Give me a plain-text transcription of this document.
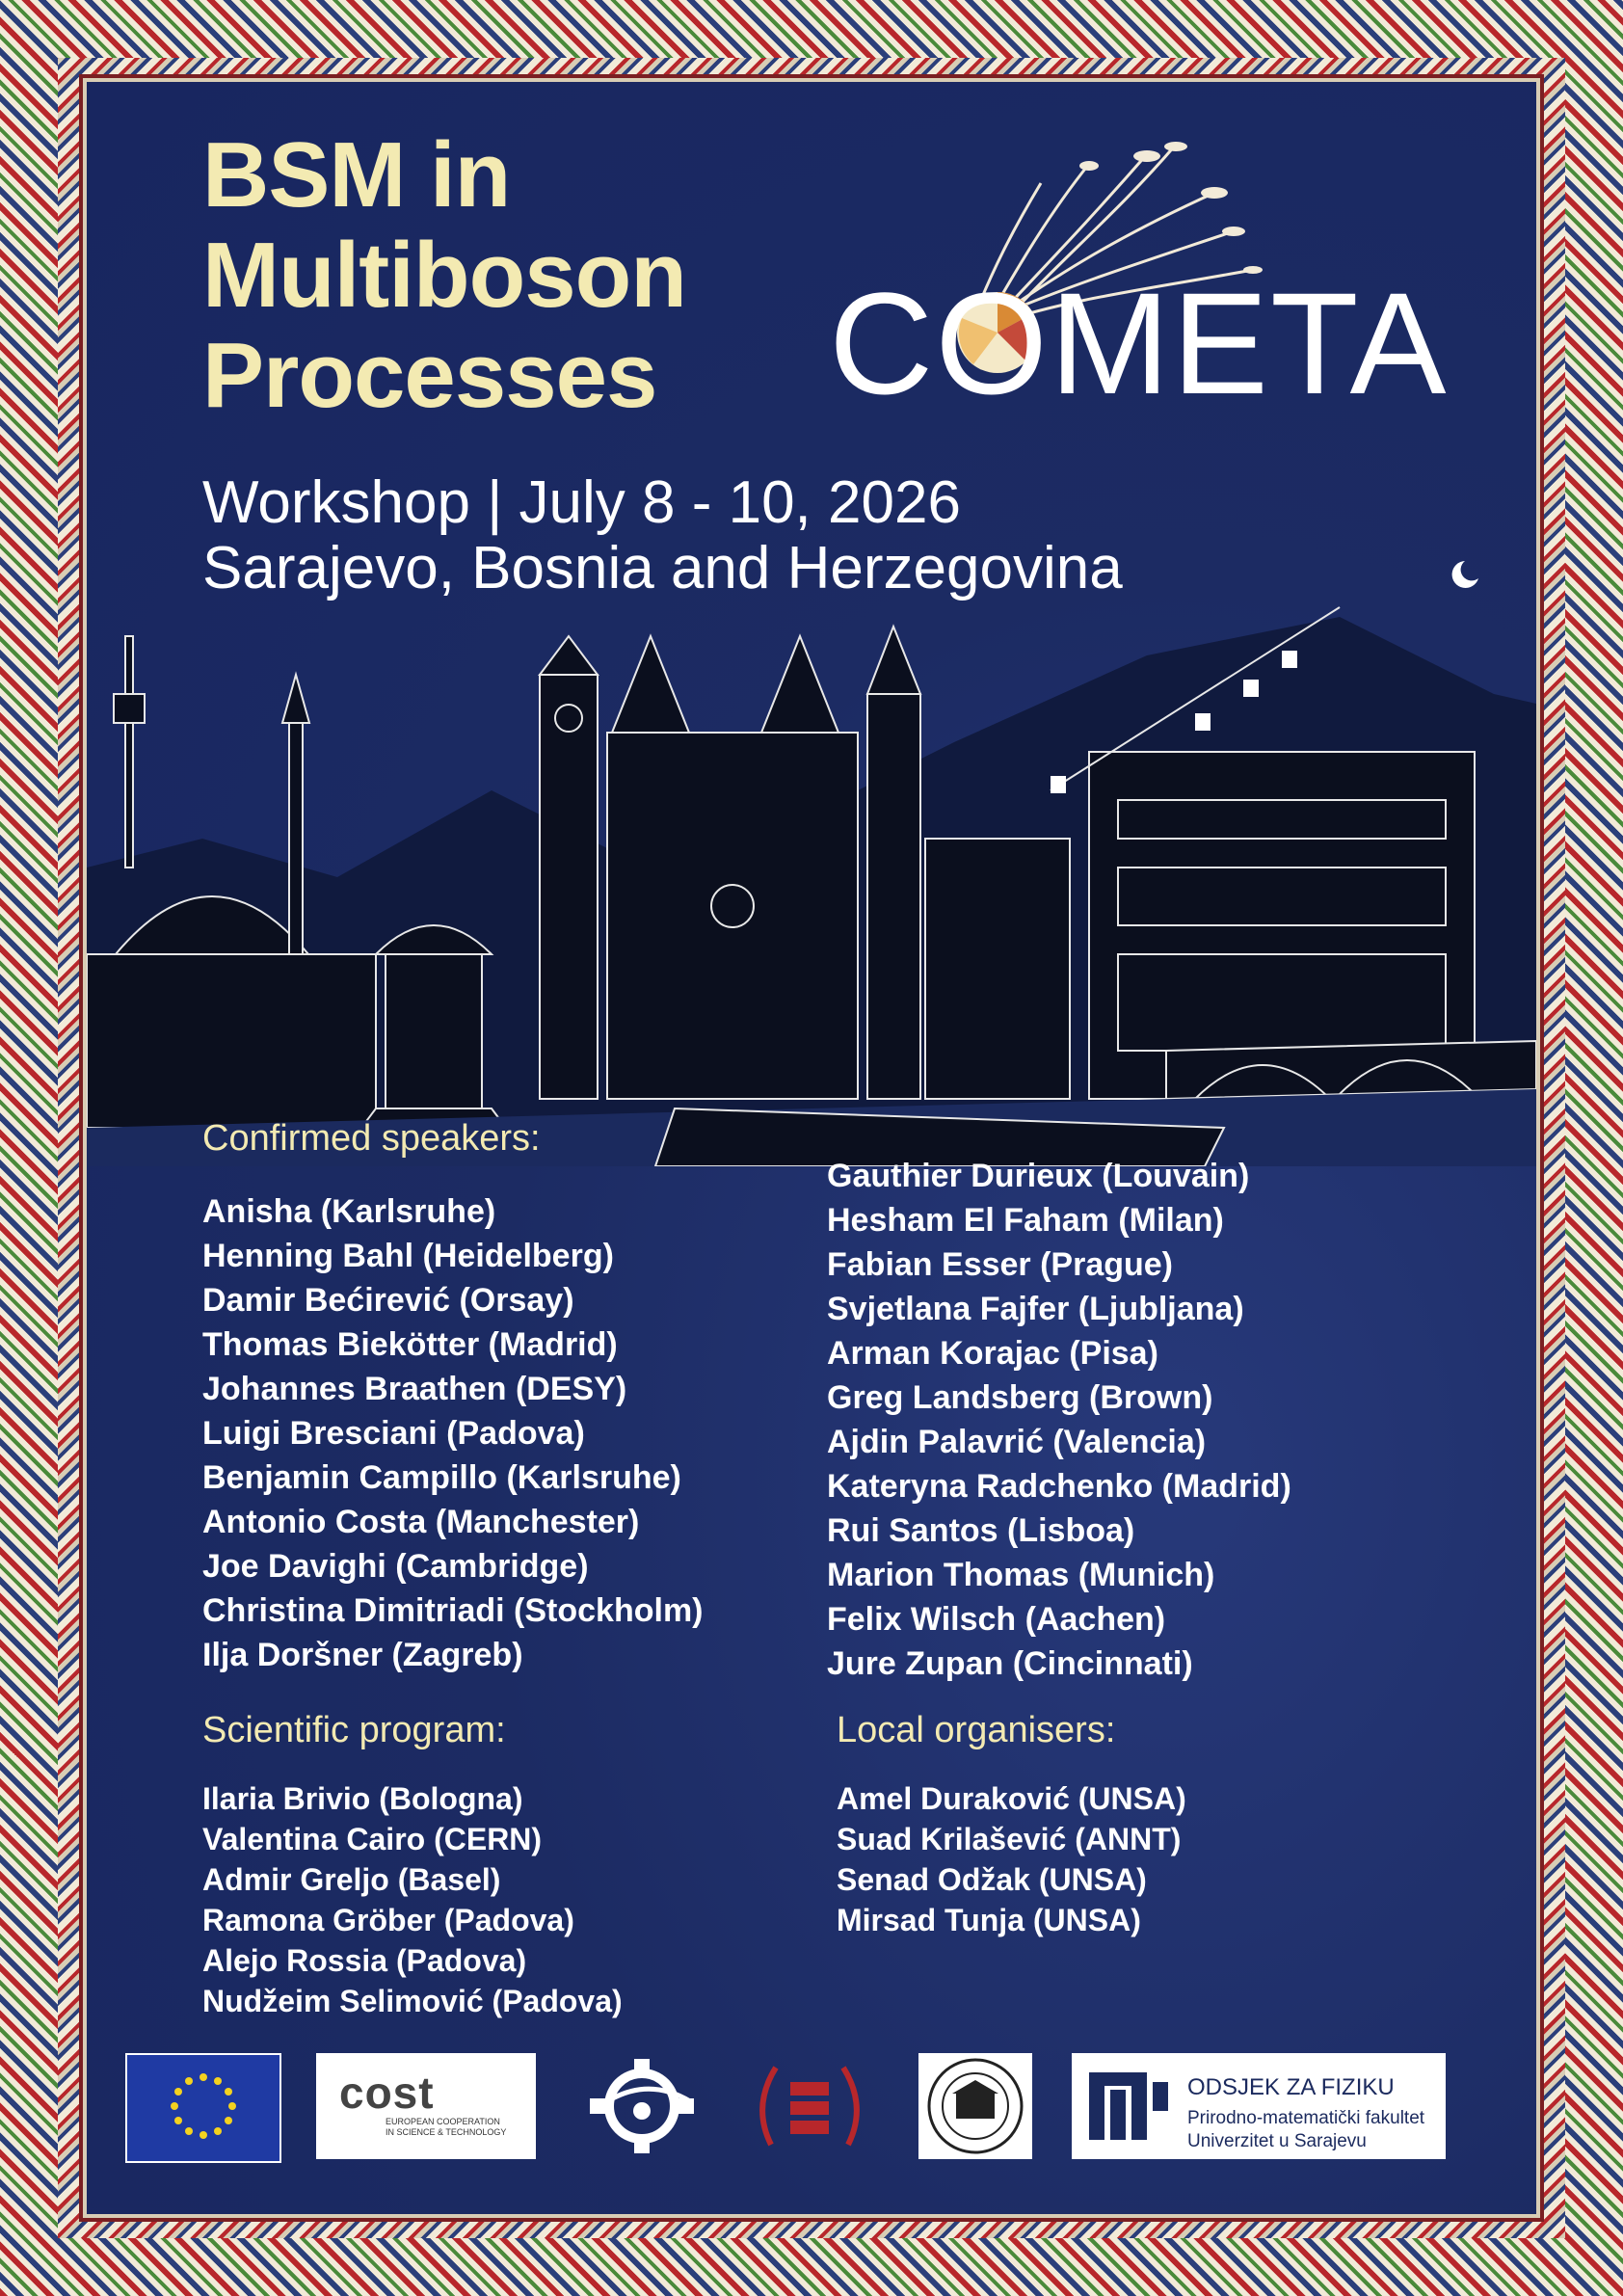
BSM in
Multiboson
Processes COMETA
Workshop | July 8 - 10, 2026
Sarajevo, Bosnia and Herzegovina
Confirmed speakers:
Anisha (Karlsruhe)
Henning Bahl (Heidelberg)
Damir Bećirević (Orsay)
Thomas Biekötter (Madrid)
Johannes Braathen (DESY)
Luigi Bresciani (Padova)
Benjamin Campillo (Karlsruhe)
Antonio Costa (Manchester)
Joe Davighi (Cambridge)
Christina Dimitriadi (Stockholm)
Ilja Doršner (Zagreb)
Gauthier Durieux (Louvain)
Hesham El Faham (Milan)
Fabian Esser (Prague)
Svjetlana Fajfer (Ljubljana)
Arman Korajac (Pisa)
Greg Landsberg (Brown)
Ajdin Palavrić (Valencia)
Kateryna Radchenko (Madrid)
Rui Santos (Lisboa)
Marion Thomas (Munich)
Felix Wilsch (Aachen)
Jure Zupan (Cincinnati)
Scientific program:
Ilaria Brivio (Bologna)
Valentina Cairo (CERN)
Admir Greljo (Basel)
Ramona Gröber (Padova)
Alejo Rossia (Padova)
Nudžeim Selimović (Padova)
Local organisers:
Amel Duraković (UNSA)
Suad Krilašević (ANNT)
Senad Odžak (UNSA)
Mirsad Tunja (UNSA)
cost
EUROPEAN COOPERATION
IN SCIENCE & TECHNOLOGY
ODSJEK ZA FIZIKU
Prirodno-matematički fakultet
Univerzitet u Sarajevu
